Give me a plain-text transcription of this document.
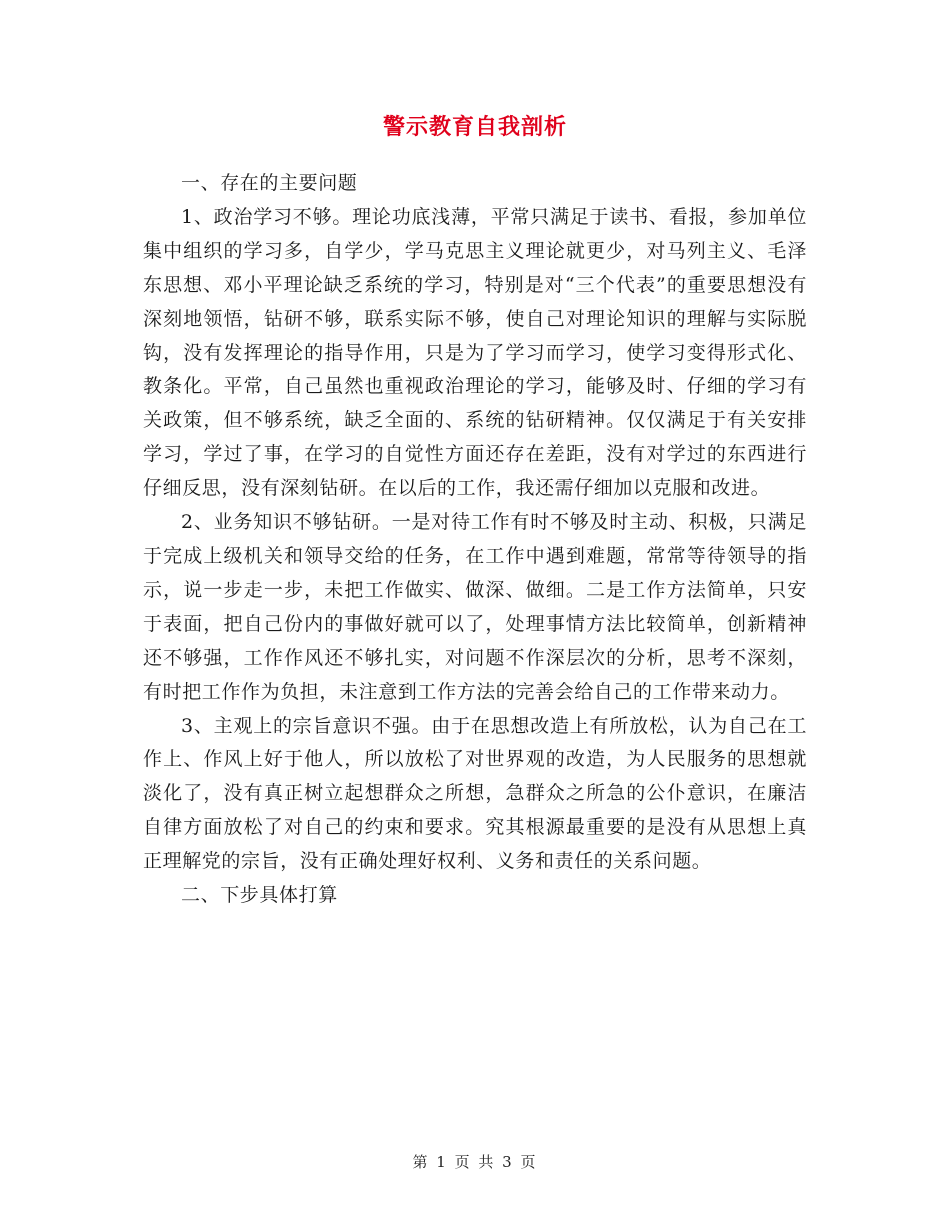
警示教育自我剖析

一、存在的主要问题

1、政治学习不够。理论功底浅薄，平常只满足于读书、看报，参加单位集中组织的学习多，自学少，学马克思主义理论就更少，对马列主义、毛泽东思想、邓小平理论缺乏系统的学习，特别是对“三个代表”的重要思想没有深刻地领悟，钻研不够，联系实际不够，使自己对理论知识的理解与实际脱钩，没有发挥理论的指导作用，只是为了学习而学习，使学习变得形式化、教条化。平常，自己虽然也重视政治理论的学习，能够及时、仔细的学习有关政策，但不够系统，缺乏全面的、系统的钻研精神。仅仅满足于有关安排学习，学过了事，在学习的自觉性方面还存在差距，没有对学过的东西进行仔细反思，没有深刻钻研。在以后的工作，我还需仔细加以克服和改进。

2、业务知识不够钻研。一是对待工作有时不够及时主动、积极，只满足于完成上级机关和领导交给的任务，在工作中遇到难题，常常等待领导的指示，说一步走一步，未把工作做实、做深、做细。二是工作方法简单，只安于表面，把自己份内的事做好就可以了，处理事情方法比较简单，创新精神还不够强，工作作风还不够扎实，对问题不作深层次的分析，思考不深刻，有时把工作作为负担，未注意到工作方法的完善会给自己的工作带来动力。

3、主观上的宗旨意识不强。由于在思想改造上有所放松，认为自己在工作上、作风上好于他人，所以放松了对世界观的改造，为人民服务的思想就淡化了，没有真正树立起想群众之所想，急群众之所急的公仆意识，在廉洁自律方面放松了对自己的约束和要求。究其根源最重要的是没有从思想上真正理解党的宗旨，没有正确处理好权利、义务和责任的关系问题。

二、下步具体打算

第 1 页 共 3 页
